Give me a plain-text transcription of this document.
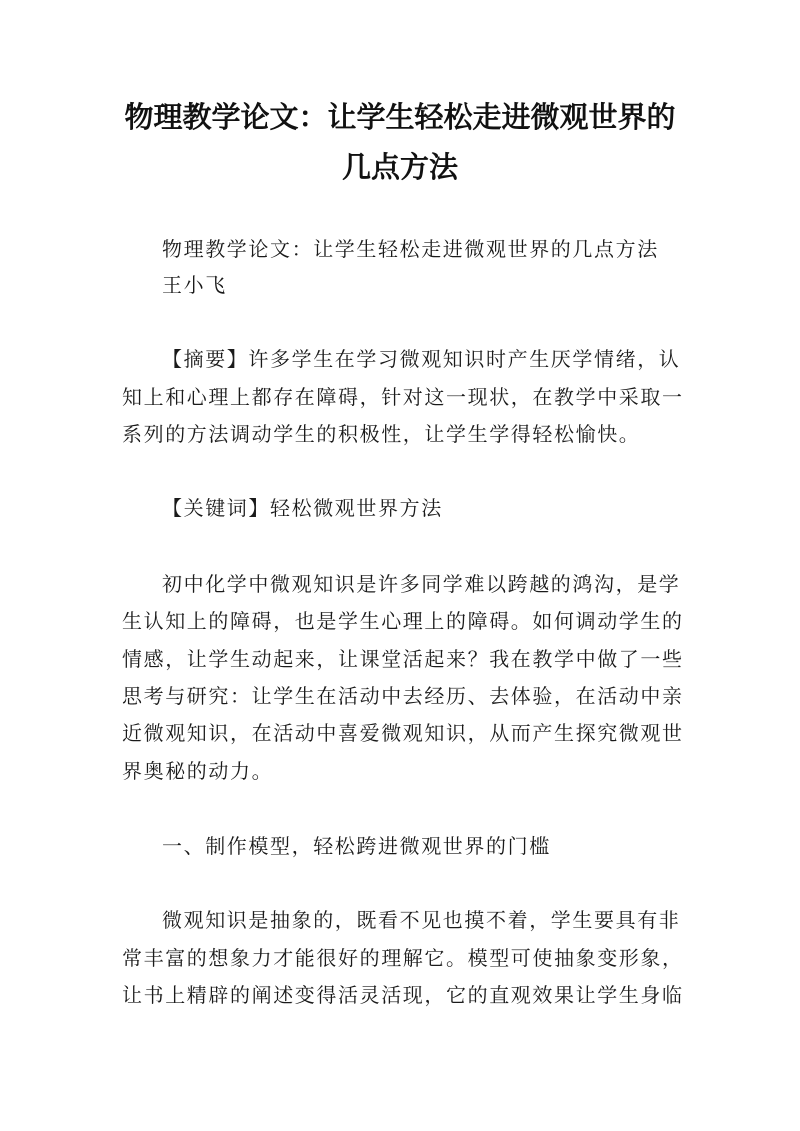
物理教学论文：让学生轻松走进微观世界的
几点方法
物理教学论文：让学生轻松走进微观世界的几点方法
王小飞
【摘要】许多学生在学习微观知识时产生厌学情绪，认
知上和心理上都存在障碍，针对这一现状，在教学中采取一
系列的方法调动学生的积极性，让学生学得轻松愉快。
【关键词】轻松微观世界方法
初中化学中微观知识是许多同学难以跨越的鸿沟，是学
生认知上的障碍，也是学生心理上的障碍。如何调动学生的
情感，让学生动起来，让课堂活起来？我在教学中做了一些
思考与研究：让学生在活动中去经历、去体验，在活动中亲
近微观知识，在活动中喜爱微观知识，从而产生探究微观世
界奥秘的动力。
一、制作模型，轻松跨进微观世界的门槛
微观知识是抽象的，既看不见也摸不着，学生要具有非
常丰富的想象力才能很好的理解它。模型可使抽象变形象，
让书上精辟的阐述变得活灵活现，它的直观效果让学生身临
